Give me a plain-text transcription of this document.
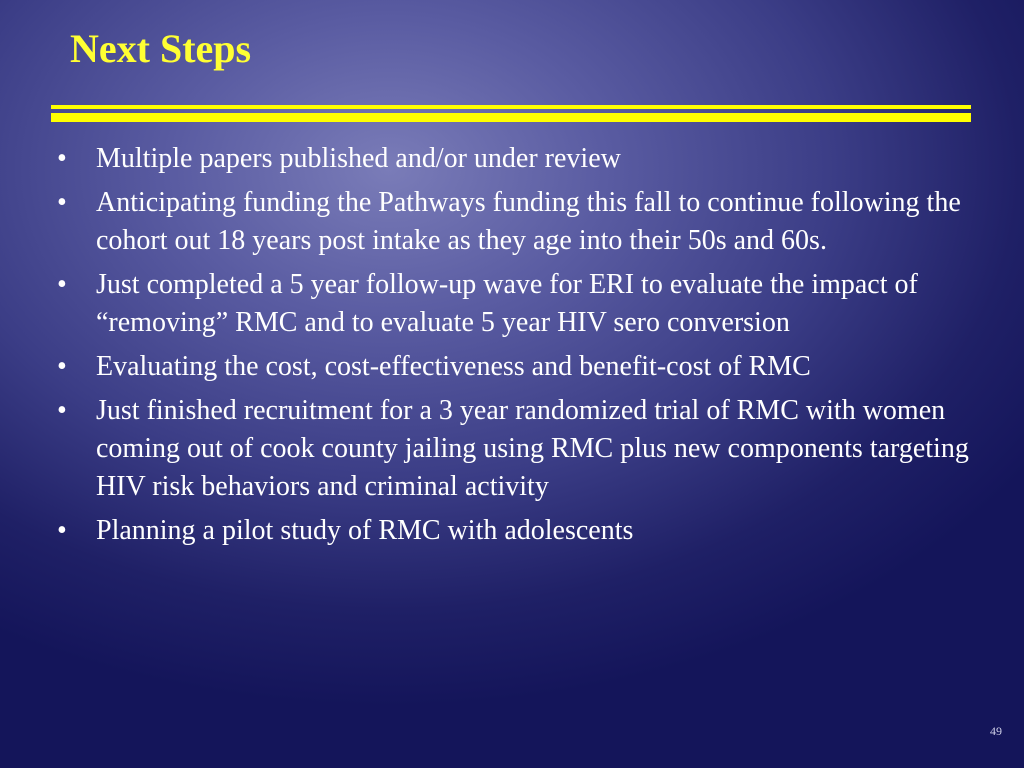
Next Steps
• Multiple papers published and/or under review
• Anticipating funding the Pathways funding this fall to continue following the cohort out 18 years post intake as they age into their 50s and 60s.
• Just completed a 5 year follow-up wave for ERI to evaluate the impact of “removing” RMC and to evaluate 5 year HIV sero conversion
• Evaluating the cost, cost-effectiveness and benefit-cost of RMC
• Just finished recruitment for a 3 year randomized trial of RMC with women coming out of cook county jailing using RMC plus new components targeting HIV risk behaviors and criminal activity
• Planning a pilot study of RMC with adolescents
49
